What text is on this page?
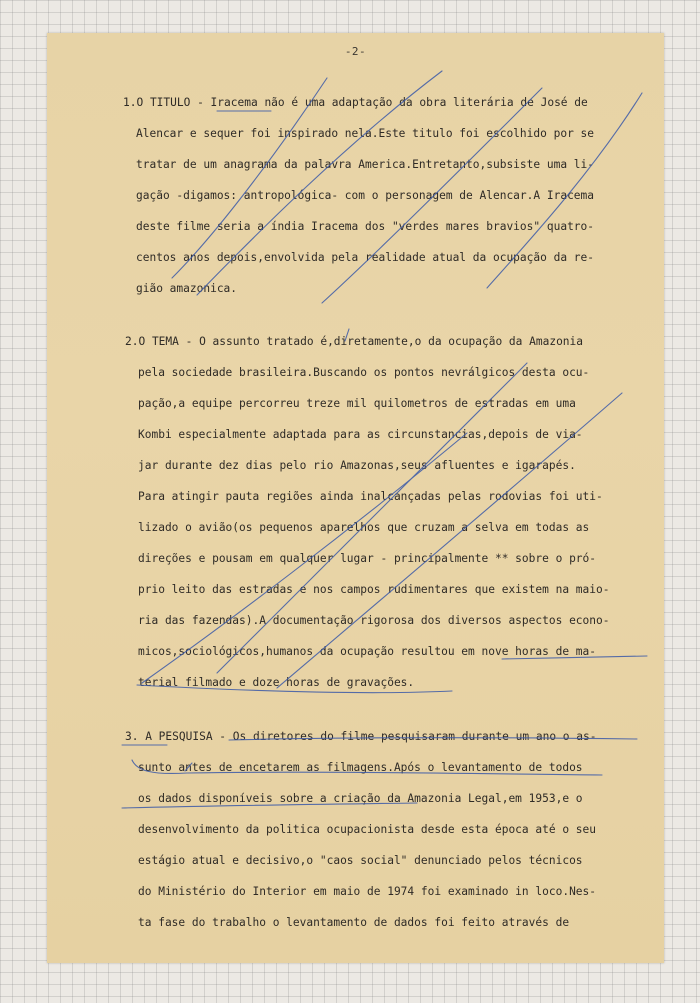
-2-
1.O TITULO - Iracema não é uma adaptação da obra literária de José de
Alencar e sequer foi inspirado nela.Este titulo foi escolhido por se
tratar de um anagrama da palavra America.Entretanto,subsiste uma li-
gação -digamos: antropológica- com o personagem de Alencar.A Iracema
deste filme seria a índia Iracema dos "verdes mares bravios" quatro-
centos anos depois,envolvida pela realidade atual da ocupação da re-
gião amazonica.
2.O TEMA - O assunto tratado é,diretamente,o da ocupação da Amazonia
pela sociedade brasileira.Buscando os pontos nevrálgicos desta ocu-
pação,a equipe percorreu treze mil quilometros de estradas em uma
Kombi especialmente adaptada para as circunstancias,depois de via-
jar durante dez dias pelo rio Amazonas,seus afluentes e igarapés.
Para atingir pauta regiões ainda inalcançadas pelas rodovias foi uti-
lizado o avião(os pequenos aparelhos que cruzam a selva em todas as
direções e pousam em qualquer lugar - principalmente ** sobre o pró-
prio leito das estradas e nos campos rudimentares que existem na maio-
ria das fazendas).A documentação rigorosa dos diversos aspectos econo-
micos,sociológicos,humanos da ocupação resultou em nove horas de ma-
terial filmado e doze horas de gravações.
3. A PESQUISA - Os diretores do filme pesquisaram durante um ano o as-
sunto antes de encetarem as filmagens.Após o levantamento de todos
os dados disponíveis sobre a criação da Amazonia Legal,em 1953,e o
desenvolvimento da politica ocupacionista desde esta época até o seu
estágio atual e decisivo,o "caos social" denunciado pelos técnicos
do Ministério do Interior em maio de 1974 foi examinado in loco.Nes-
ta fase do trabalho o levantamento de dados foi feito através de
